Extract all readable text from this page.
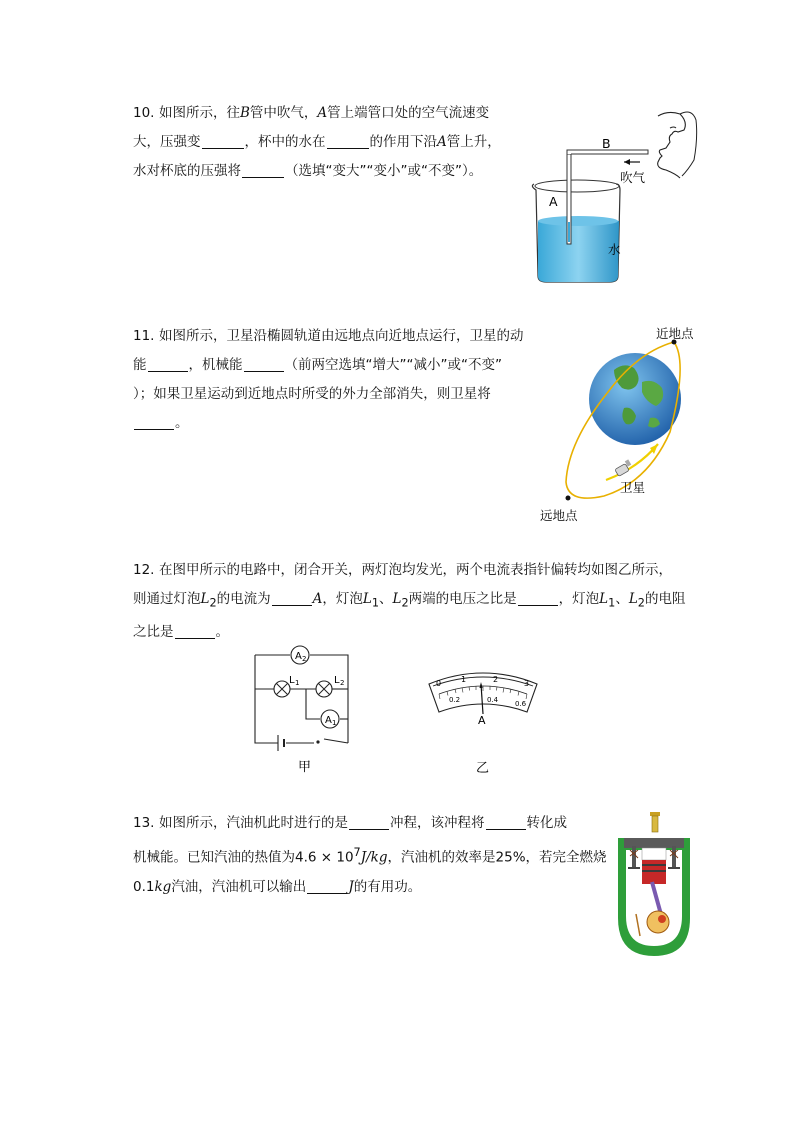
10. 如图所示，往B管中吹气，A管上端管口处的空气流速变
大，压强变	，杯中的水在	的作用下沿A管上升，
水对杯底的压强将	（选填“变大”“变小”或“不变”）。
B
A
吹气
水
11. 如图所示，卫星沿椭圆轨道由远地点向近地点运行，卫星的动
能	，机械能	（前两空选填“增大”“减小”或“不变”
）；如果卫星运动到近地点时所受的外力全部消失，则卫星将
。
近地点
远地点
卫星
12. 在图甲所示的电路中，闭合开关，两灯泡均发光，两个电流表指针偏转均如图乙所示，
则通过灯泡$L_2$的电流为	A，灯泡$L_1$、$L_2$两端的电压之比是	，灯泡$L_1$、$L_2$的电阻
之比是	。
A 2
A 1
L 1	L 2
甲
0 1	2	3
0.2	0.4 0.6
A
乙
13. 如图所示，汽油机此时进行的是	冲程，该冲程将	转化成
机械能。已知汽油的热值为$4.6 \times 10^7J/kg$，汽油机的效率是25%，若完全燃烧
0.1kg汽油，汽油机可以输出	J的有用功。
